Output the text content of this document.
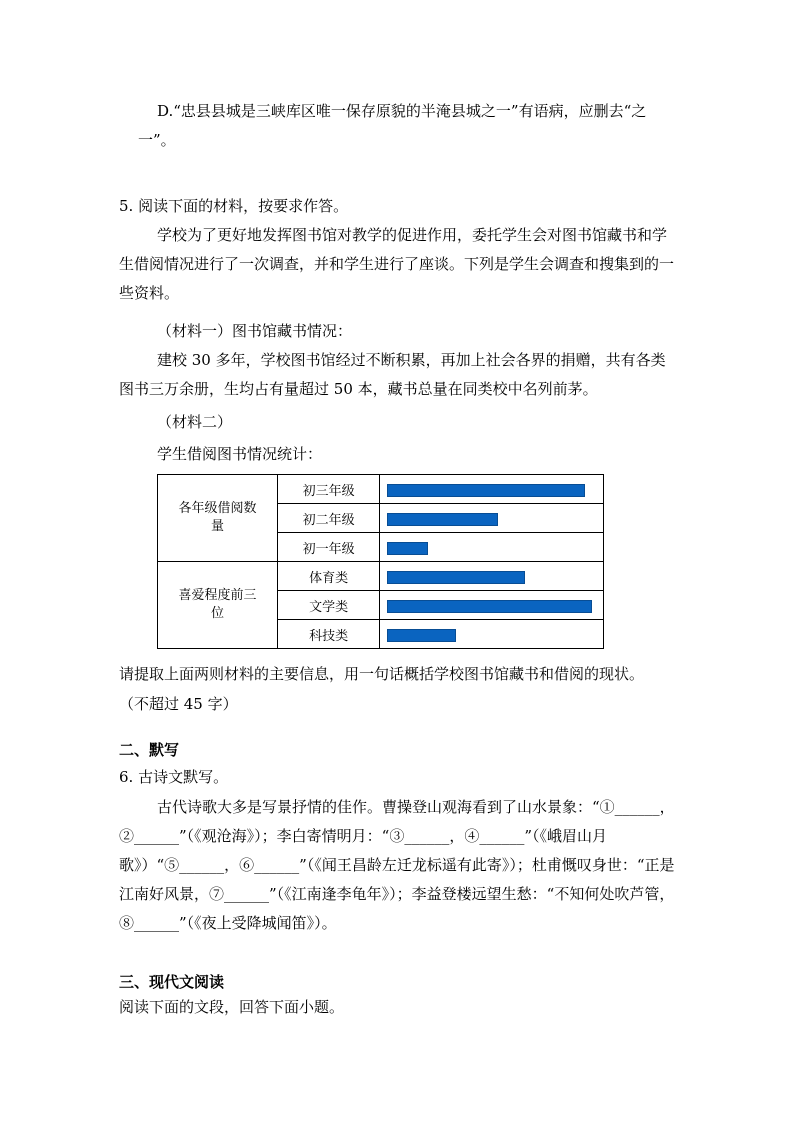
D.“忠县县城是三峡库区唯一保存原貌的半淹县城之一”有语病，应删去“之

一”。

5. 阅读下面的材料，按要求作答。

学校为了更好地发挥图书馆对教学的促进作用，委托学生会对图书馆藏书和学生借阅情况进行了一次调查，并和学生进行了座谈。下列是学生会调查和搜集到的一些资料。

（材料一）图书馆藏书情况：

建校 30 多年，学校图书馆经过不断积累，再加上社会各界的捐赠，共有各类图书三万余册，生均占有量超过 50 本，藏书总量在同类校中名列前茅。

（材料二）

学生借阅图书情况统计：

各年级借阅数量	初三年级	

	初二年级	

	初一年级	

喜爱程度前三位	体育类	

	文学类	

	科技类	

请提取上面两则材料的主要信息，用一句话概括学校图书馆藏书和借阅的现状。

（不超过 45 字）

二、默写

6. 古诗文默写。

古代诗歌大多是写景抒情的佳作。曹操登山观海看到了山水景象：“①______，②______”（《观沧海》）；李白寄情明月：“③______，④______”（《峨眉山月歌》）“⑤______，⑥______”（《闻王昌龄左迁龙标遥有此寄》）；杜甫慨叹身世：“正是江南好风景，⑦______”（《江南逢李龟年》）；李益登楼远望生愁：“不知何处吹芦管，⑧______”（《夜上受降城闻笛》）。

三、现代文阅读

阅读下面的文段，回答下面小题。
